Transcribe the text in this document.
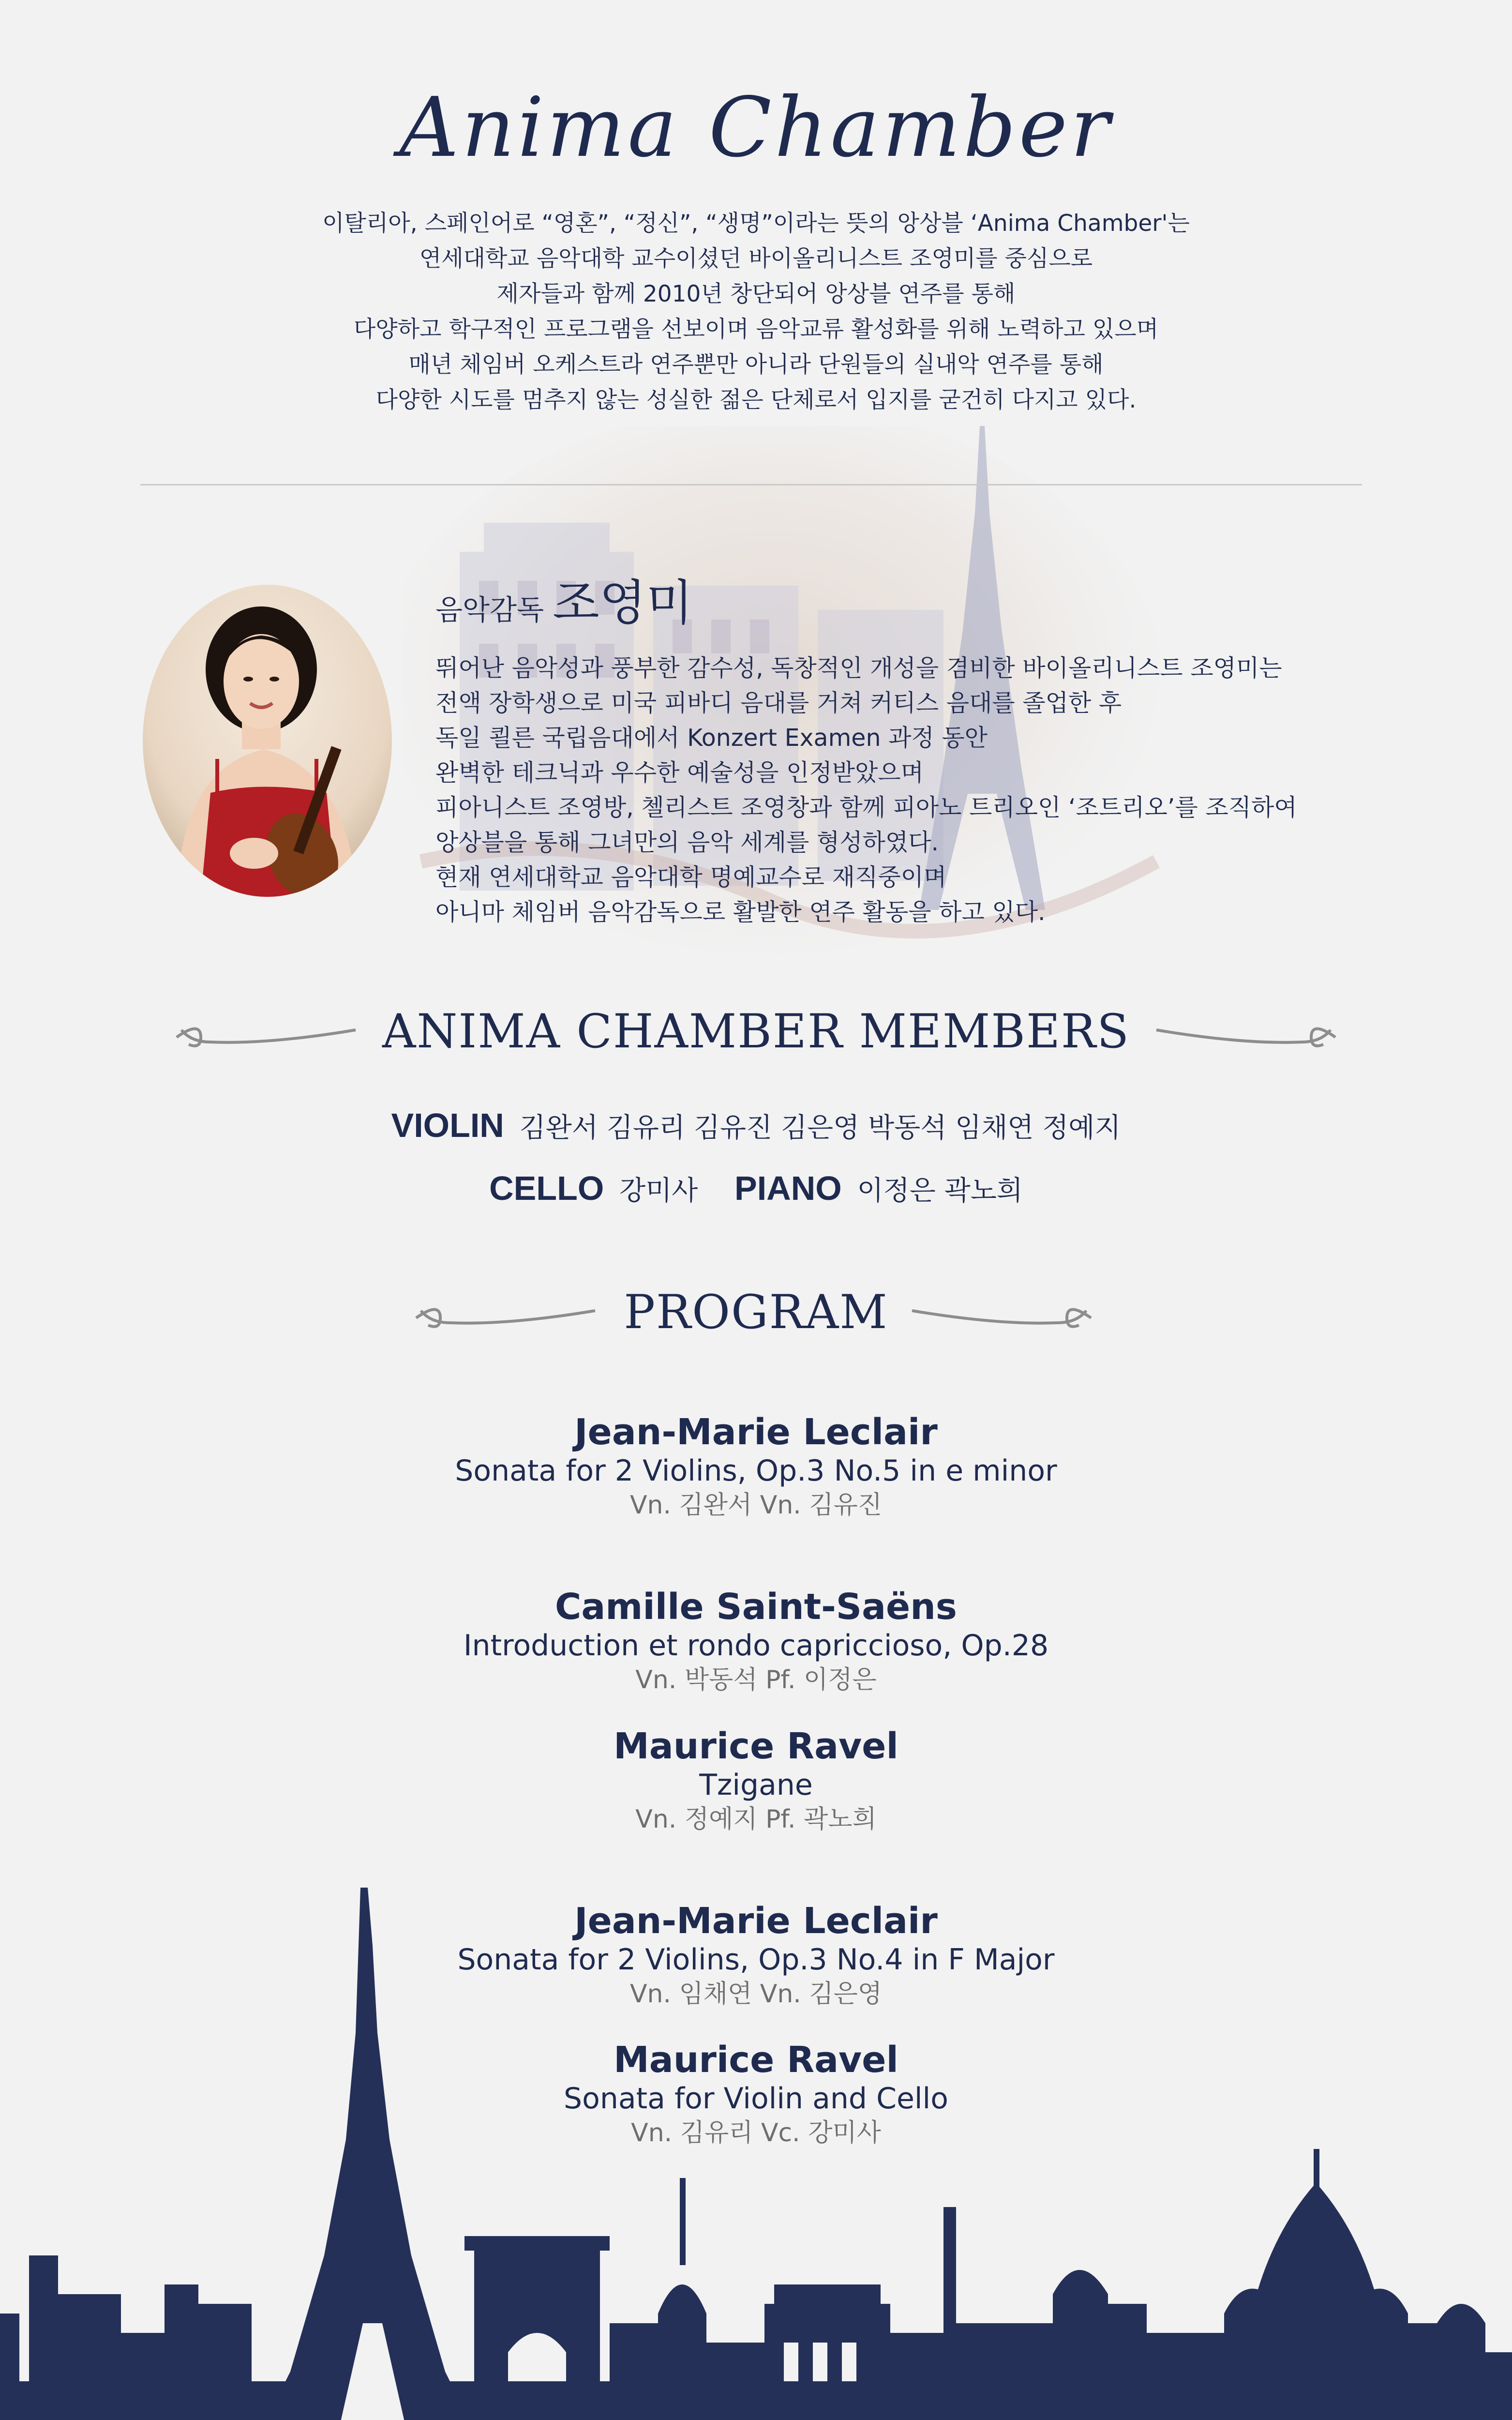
Anima Chamber
이탈리아, 스페인어로 “영혼”, “정신”, “생명”이라는 뜻의 앙상블 ‘Anima Chamber'는
연세대학교 음악대학 교수이셨던 바이올리니스트 조영미를 중심으로
제자들과 함께 2010년 창단되어 앙상블 연주를 통해
다양하고 학구적인 프로그램을 선보이며 음악교류 활성화를 위해 노력하고 있으며
매년 체임버 오케스트라 연주뿐만 아니라 단원들의 실내악 연주를 통해
다양한 시도를 멈추지 않는 성실한 젊은 단체로서 입지를 굳건히 다지고 있다.
음악감독 조영미
뛰어난 음악성과 풍부한 감수성, 독창적인 개성을 겸비한 바이올리니스트 조영미는
전액 장학생으로 미국 피바디 음대를 거쳐 커티스 음대를 졸업한 후
독일 쾰른 국립음대에서 Konzert Examen 과정 동안
완벽한 테크닉과 우수한 예술성을 인정받았으며
피아니스트 조영방, 첼리스트 조영창과 함께 피아노 트리오인 ‘조트리오’를 조직하여
앙상블을 통해 그녀만의 음악 세계를 형성하였다.
현재 연세대학교 음악대학 명예교수로 재직중이며
아니마 체임버 음악감독으로 활발한 연주 활동을 하고 있다.
ANIMA CHAMBER MEMBERS
VIOLIN 김완서 김유리 김유진 김은영 박동석 임채연 정예지
CELLO 강미사 PIANO 이정은 곽노희
PROGRAM
Jean-Marie Leclair
Sonata for 2 Violins, Op.3 No.5 in e minor
Vn. 김완서 Vn. 김유진
Camille Saint-Saëns
Introduction et rondo capriccioso, Op.28
Vn. 박동석 Pf. 이정은
Maurice Ravel
Tzigane
Vn. 정예지 Pf. 곽노희
Jean-Marie Leclair
Sonata for 2 Violins, Op.3 No.4 in F Major
Vn. 임채연 Vn. 김은영
Maurice Ravel
Sonata for Violin and Cello
Vn. 김유리 Vc. 강미사
